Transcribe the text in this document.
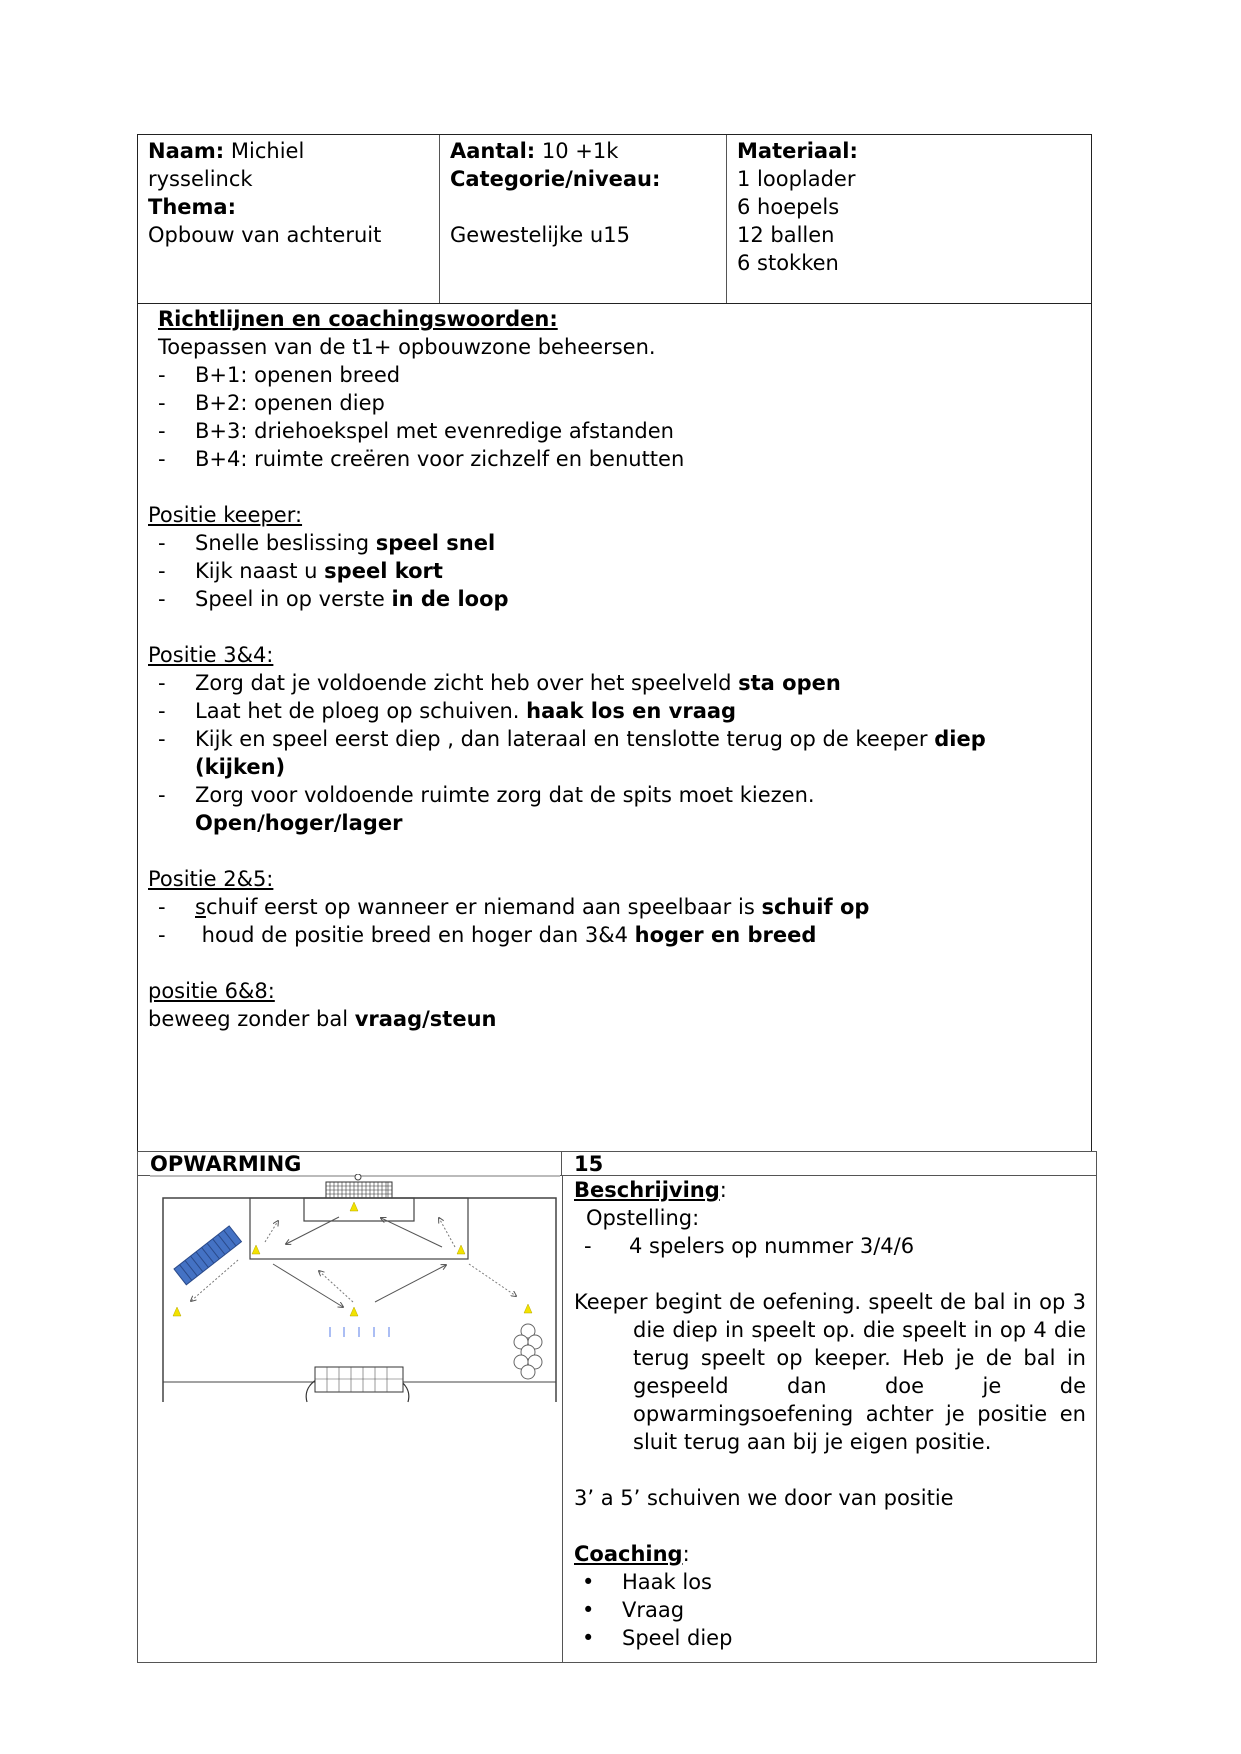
Naam: Michiel
rysselinck
Thema:
Opbouw van achteruit
Aantal: 10 +1k
Categorie/niveau:
Gewestelijke u15
Materiaal:
1 looplader
6 hoepels
12 ballen
6 stokken
Richtlijnen en coachingswoorden:
Toepassen van de t1+ opbouwzone beheersen.
-	B+1: openen breed
-	B+2: openen diep
-	B+3: driehoekspel met evenredige afstanden
-	B+4: ruimte creëren voor zichzelf en benutten
Positie keeper:
-	Snelle beslissing speel snel
-	Kijk naast u speel kort
-	Speel in op verste in de loop
Positie 3&4:
-	Zorg dat je voldoende zicht heb over het speelveld sta open
-	Laat het de ploeg op schuiven. haak los en vraag
-	Kijk en speel eerst diep , dan lateraal en tenslotte terug op de keeper diep (kijken)
-	Zorg voor voldoende ruimte zorg dat de spits moet kiezen.
Open/hoger/lager
Positie 2&5:
-	schuif eerst op wanneer er niemand aan speelbaar is schuif op
-	houd de positie breed en hoger dan 3&4 hoger en breed
positie 6&8:
beweeg zonder bal vraag/steun
OPWARMING	15
Beschrijving:
Opstelling:
-	4 spelers op nummer 3/4/6
Keeper begint de oefening. speelt de bal in op 3 die diep in speelt op. die speelt in op 4 die terug speelt op keeper. Heb je de bal in gespeeld dan doe je de opwarmingsoefening achter je positie en sluit terug aan bij je eigen positie.
3’ a 5’ schuiven we door van positie
Coaching:
•	Haak los
•	Vraag
•	Speel diep
